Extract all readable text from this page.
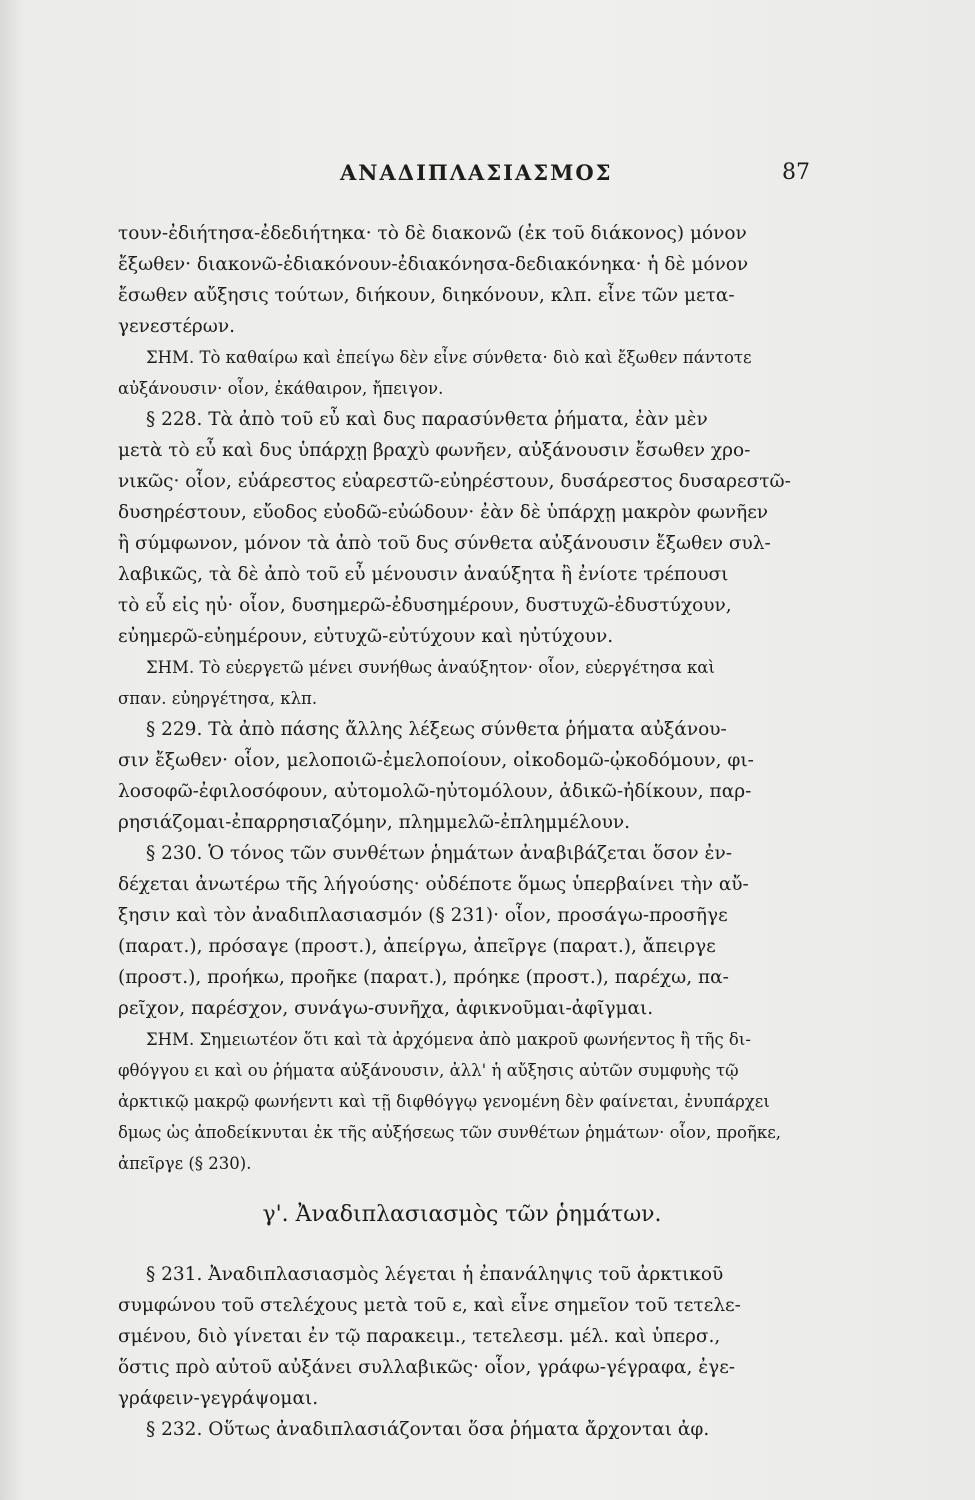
ΑΝΑΔΙΠΛΑΣΙΑΣΜΟΣ	87
τουν-ἐδιήτησα-ἐδεδιήτηκα· τὸ δὲ διακονῶ (ἐκ τοῦ διάκονος) μόνον
ἔξωθεν· διακονῶ-ἐδιακόνουν-ἐδιακόνησα-δεδιακόνηκα· ἡ δὲ μόνον
ἔσωθεν αὔξησις τούτων, διήκουν, διηκόνουν, κλπ. εἶνε τῶν μετα-
γενεστέρων.
ΣΗΜ. Τὸ καθαίρω καὶ ἐπείγω δὲν εἶνε σύνθετα· διὸ καὶ ἔξωθεν πάντοτε
αὐξάνουσιν· οἷον, ἐκάθαιρον, ἤπειγον.
§ 228. Τὰ ἀπὸ τοῦ εὖ καὶ δυς παρασύνθετα ῥήματα, ἐὰν μὲν
μετὰ τὸ εὖ καὶ δυς ὑπάρχῃ βραχὺ φωνῆεν, αὐξάνουσιν ἔσωθεν χρο-
νικῶς· οἷον, εὐάρεστος εὐαρεστῶ-εὐηρέστουν, δυσάρεστος δυσαρεστῶ-
δυσηρέστουν, εὔοδος εὐοδῶ-εὐώδουν· ἐὰν δὲ ὑπάρχῃ μακρὸν φωνῆεν
ἢ σύμφωνον, μόνον τὰ ἀπὸ τοῦ δυς σύνθετα αὐξάνουσιν ἔξωθεν συλ-
λαβικῶς, τὰ δὲ ἀπὸ τοῦ εὖ μένουσιν ἀναύξητα ἢ ἐνίοτε τρέπουσι
τὸ εὖ εἰς ηὐ· οἷον, δυσημερῶ-ἐδυσημέρουν, δυστυχῶ-ἐδυστύχουν,
εὐημερῶ-εὐημέρουν, εὐτυχῶ-εὐτύχουν καὶ ηὐτύχουν.
ΣΗΜ. Τὸ εὐεργετῶ μένει συνήθως ἀναύξητον· οἷον, εὐεργέτησα καὶ
σπαν. εὐηργέτησα, κλπ.
§ 229. Τὰ ἀπὸ πάσης ἄλλης λέξεως σύνθετα ῥήματα αὐξάνου-
σιν ἔξωθεν· οἷον, μελοποιῶ-ἐμελοποίουν, οἰκοδομῶ-ᾠκοδόμουν, φι-
λοσοφῶ-ἐφιλοσόφουν, αὐτομολῶ-ηὐτομόλουν, ἀδικῶ-ἠδίκουν, παρ-
ρησιάζομαι-ἐπαρρησιαζόμην, πλημμελῶ-ἐπλημμέλουν.
§ 230. Ὁ τόνος τῶν συνθέτων ῥημάτων ἀναβιβάζεται ὅσον ἐν-
δέχεται ἀνωτέρω τῆς λήγούσης· οὐδέποτε ὅμως ὑπερβαίνει τὴν αὔ-
ξησιν καὶ τὸν ἀναδιπλασιασμόν (§ 231)· οἷον, προσάγω-προσῆγε
(παρατ.), πρόσαγε (προστ.), ἀπείργω, ἀπεῖργε (παρατ.), ἄπειργε
(προστ.), προήκω, προῆκε (παρατ.), πρόηκε (προστ.), παρέχω, πα-
ρεῖχον, παρέσχον, συνάγω-συνῆχα, ἀφικνοῦμαι-ἀφῖγμαι.
ΣΗΜ. Σημειωτέον ὅτι καὶ τὰ ἀρχόμενα ἀπὸ μακροῦ φωνήεντος ἢ τῆς δι-
φθόγγου ει καὶ ου ῥήματα αὐξάνουσιν, ἀλλ' ἡ αὔξησις αὐτῶν συμφυὴς τῷ
ἀρκτικῷ μακρῷ φωνήεντι καὶ τῇ διφθόγγῳ γενομένη δὲν φαίνεται, ἐνυπάρχει
δμως ὡς ἀποδείκνυται ἐκ τῆς αὐξήσεως τῶν συνθέτων ῥημάτων· οἷον, προῆκε,
ἀπεῖργε (§ 230).
γ'. Ἀναδιπλασιασμὸς τῶν ῥημάτων.
§ 231. Ἀναδιπλασιασμὸς λέγεται ἡ ἐπανάληψις τοῦ ἀρκτικοῦ
συμφώνου τοῦ στελέχους μετὰ τοῦ ε, καὶ εἶνε σημεῖον τοῦ τετελε-
σμένου, διὸ γίνεται ἐν τῷ παρακειμ., τετελεσμ. μέλ. καὶ ὑπερσ.,
ὅστις πρὸ αὐτοῦ αὐξάνει συλλαβικῶς· οἷον, γράφω-γέγραφα, ἐγε-
γράφειν-γεγράψομαι.
§ 232. Οὕτως ἀναδιπλασιάζονται ὅσα ῥήματα ἄρχονται ἀφ.
